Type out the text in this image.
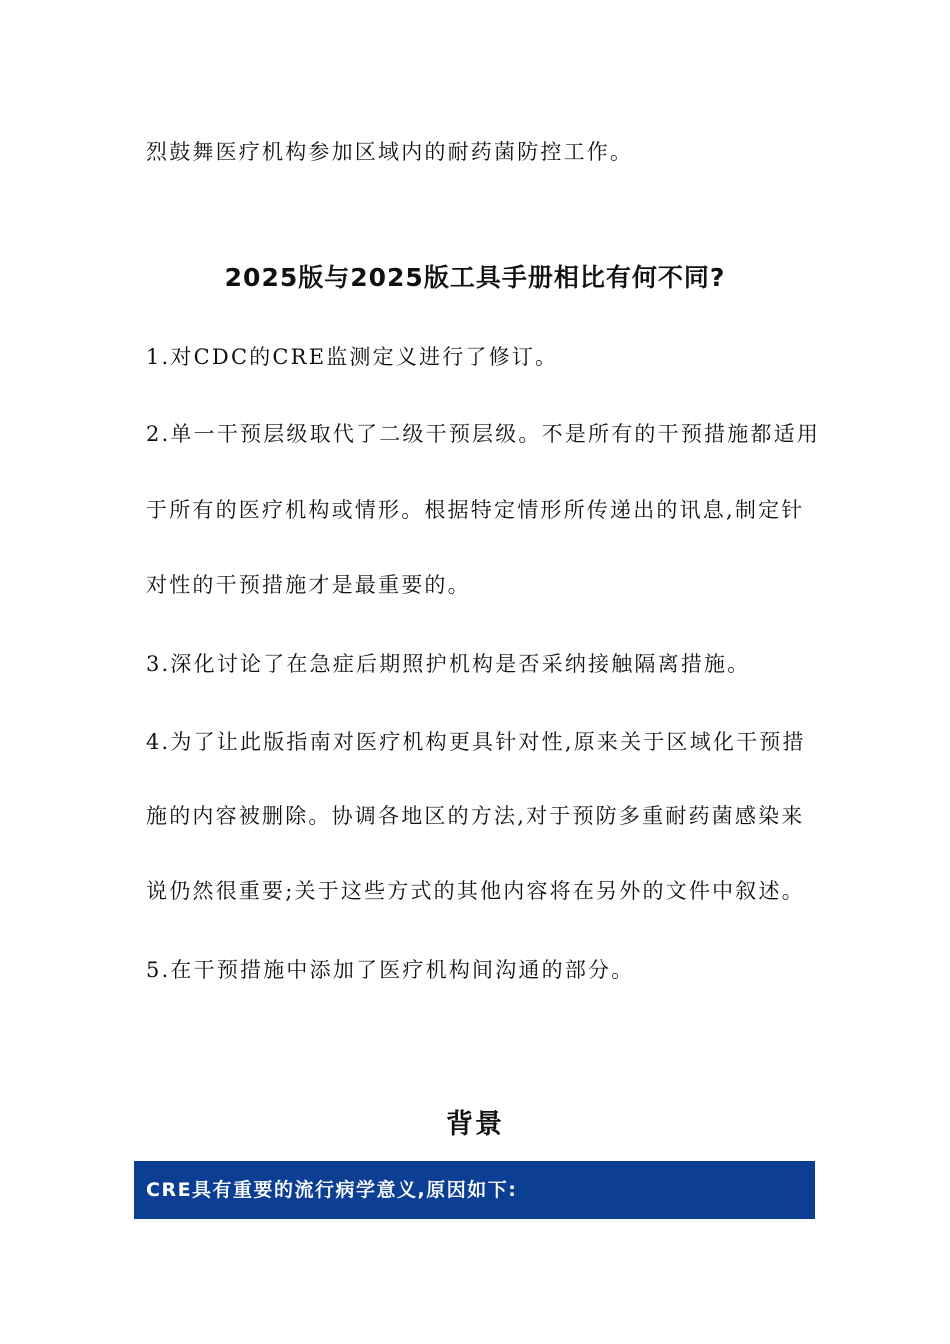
烈鼓舞医疗机构参加区域内的耐药菌防控工作。
2025版与2025版工具手册相比有何不同?
1.对CDC的CRE监测定义进行了修订。
2.单一干预层级取代了二级干预层级。不是所有的干预措施都适用
于所有的医疗机构或情形。根据特定情形所传递出的讯息,制定针
对性的干预措施才是最重要的。
3.深化讨论了在急症后期照护机构是否采纳接触隔离措施。
4.为了让此版指南对医疗机构更具针对性,原来关于区域化干预措
施的内容被删除。协调各地区的方法,对于预防多重耐药菌感染来
说仍然很重要;关于这些方式的其他内容将在另外的文件中叙述。
5.在干预措施中添加了医疗机构间沟通的部分。
背景
CRE具有重要的流行病学意义,原因如下:
